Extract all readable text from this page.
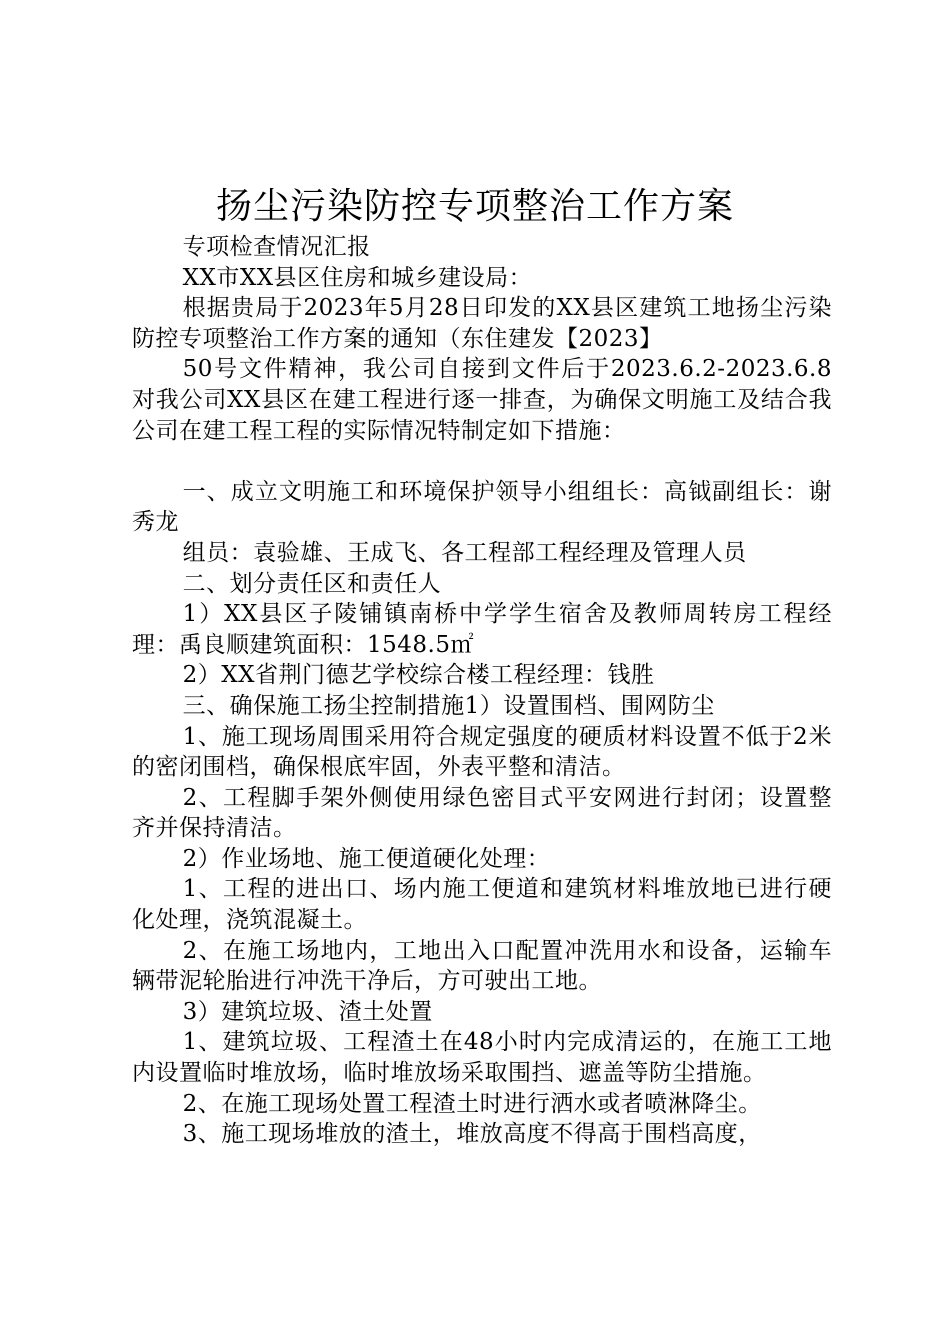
扬尘污染防控专项整治工作方案

专项检查情况汇报

XX市XX县区住房和城乡建设局：

根据贵局于2023年5月28日印发的XX县区建筑工地扬尘污染防控专项整治工作方案的通知（东住建发【2023】

50号文件精神，我公司自接到文件后于2023.6.2-2023.6.8对我公司XX县区在建工程进行逐一排查，为确保文明施工及结合我公司在建工程工程的实际情况特制定如下措施：

一、成立文明施工和环境保护领导小组组长：高钺副组长：谢秀龙

组员：袁验雄、王成飞、各工程部工程经理及管理人员

二、划分责任区和责任人

1）XX县区子陵铺镇南桥中学学生宿舍及教师周转房工程经理：禹良顺建筑面积：1548.5㎡

2）XX省荆门德艺学校综合楼工程经理：钱胜

三、确保施工扬尘控制措施1）设置围档、围网防尘

1、施工现场周围采用符合规定强度的硬质材料设置不低于2米的密闭围档，确保根底牢固，外表平整和清洁。

2、工程脚手架外侧使用绿色密目式平安网进行封闭；设置整齐并保持清洁。

2）作业场地、施工便道硬化处理：

1、工程的进出口、场内施工便道和建筑材料堆放地已进行硬化处理，浇筑混凝土。

2、在施工场地内，工地出入口配置冲洗用水和设备，运输车辆带泥轮胎进行冲洗干净后，方可驶出工地。

3）建筑垃圾、渣土处置

1、建筑垃圾、工程渣土在48小时内完成清运的，在施工工地内设置临时堆放场，临时堆放场采取围挡、遮盖等防尘措施。

2、在施工现场处置工程渣土时进行洒水或者喷淋降尘。

3、施工现场堆放的渣土，堆放高度不得高于围档高度，
